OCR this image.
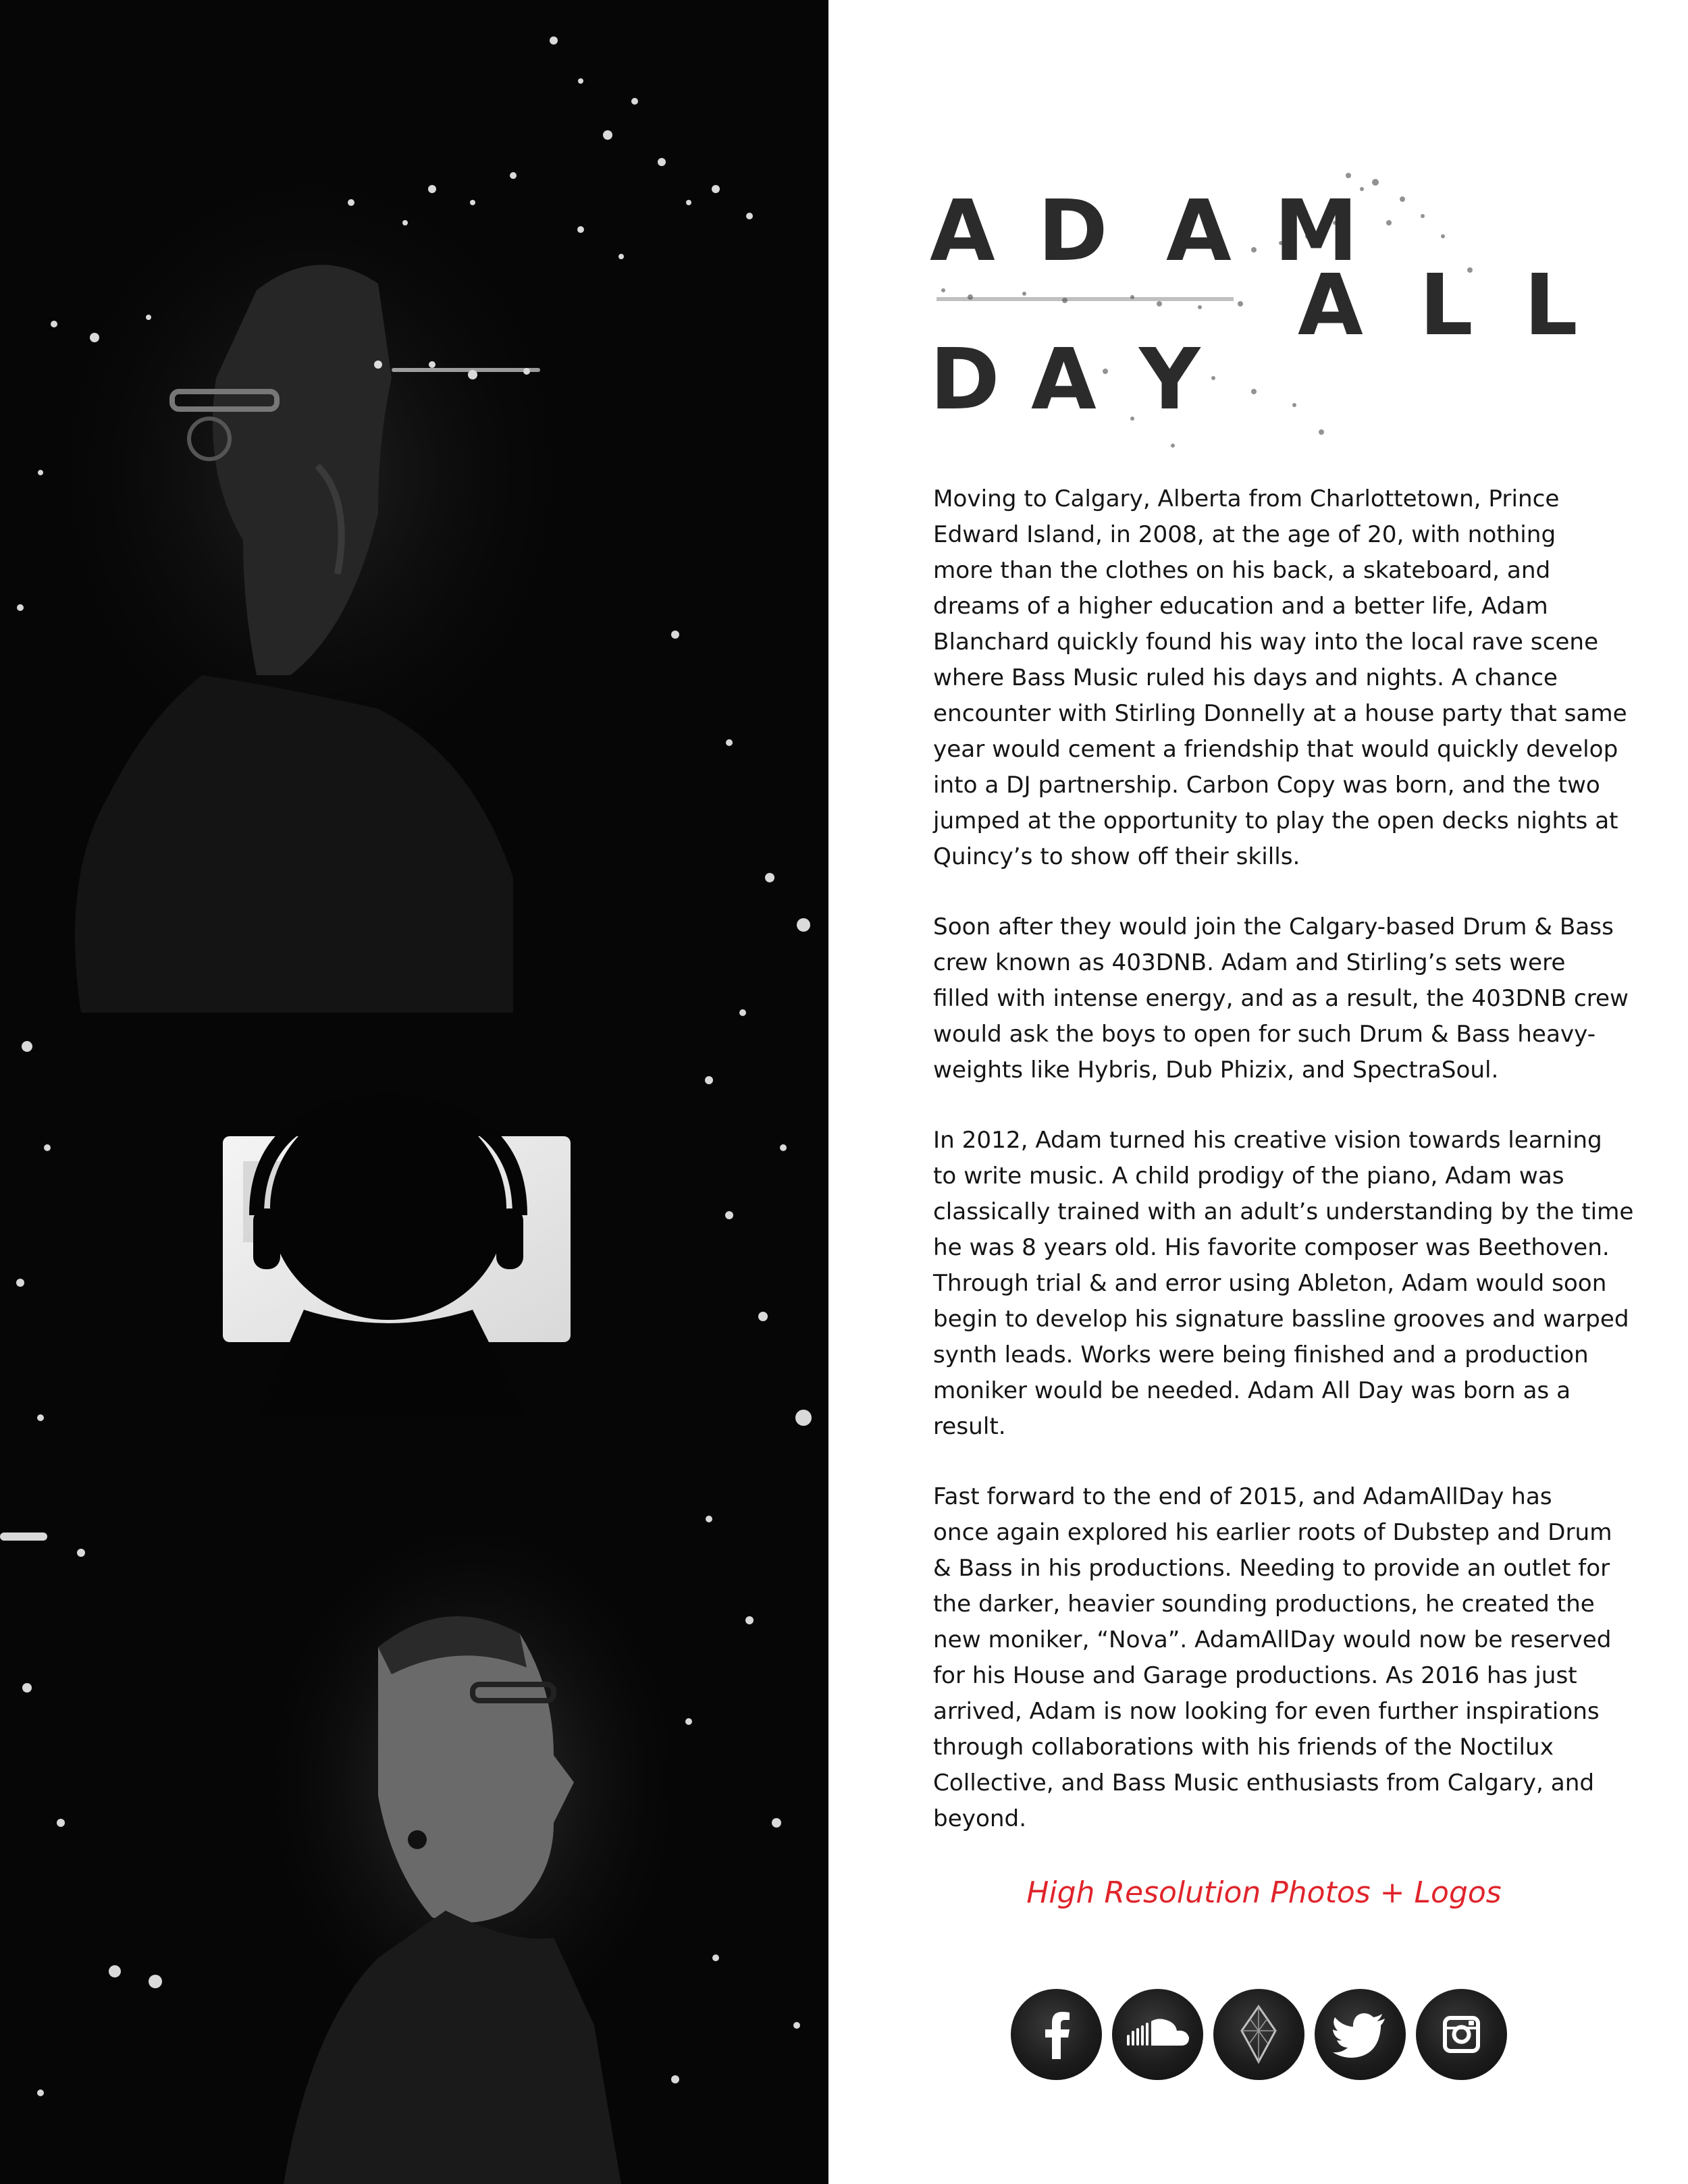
A D A M
A L L
D A Y

Moving to Calgary, Alberta from Charlottetown, Prince
Edward Island, in 2008, at the age of 20, with nothing
more than the clothes on his back, a skateboard, and
dreams of a higher education and a better life, Adam
Blanchard quickly found his way into the local rave scene
where Bass Music ruled his days and nights. A chance
encounter with Stirling Donnelly at a house party that same
year would cement a friendship that would quickly develop
into a DJ partnership. Carbon Copy was born, and the two
jumped at the opportunity to play the open decks nights at
Quincy’s to show off their skills.

Soon after they would join the Calgary-based Drum & Bass
crew known as 403DNB. Adam and Stirling’s sets were
filled with intense energy, and as a result, the 403DNB crew
would ask the boys to open for such Drum & Bass heavy-
weights like Hybris, Dub Phizix, and SpectraSoul.

In 2012, Adam turned his creative vision towards learning
to write music. A child prodigy of the piano, Adam was
classically trained with an adult’s understanding by the time
he was 8 years old. His favorite composer was Beethoven.
Through trial & and error using Ableton, Adam would soon
begin to develop his signature bassline grooves and warped
synth leads. Works were being finished and a production
moniker would be needed. Adam All Day was born as a
result.

Fast forward to the end of 2015, and AdamAllDay has
once again explored his earlier roots of Dubstep and Drum
& Bass in his productions. Needing to provide an outlet for
the darker, heavier sounding productions, he created the
new moniker, “Nova”. AdamAllDay would now be reserved
for his House and Garage productions. As 2016 has just
arrived, Adam is now looking for even further inspirations
through collaborations with his friends of the Noctilux
Collective, and Bass Music enthusiasts from Calgary, and
beyond.

High Resolution Photos + Logos
